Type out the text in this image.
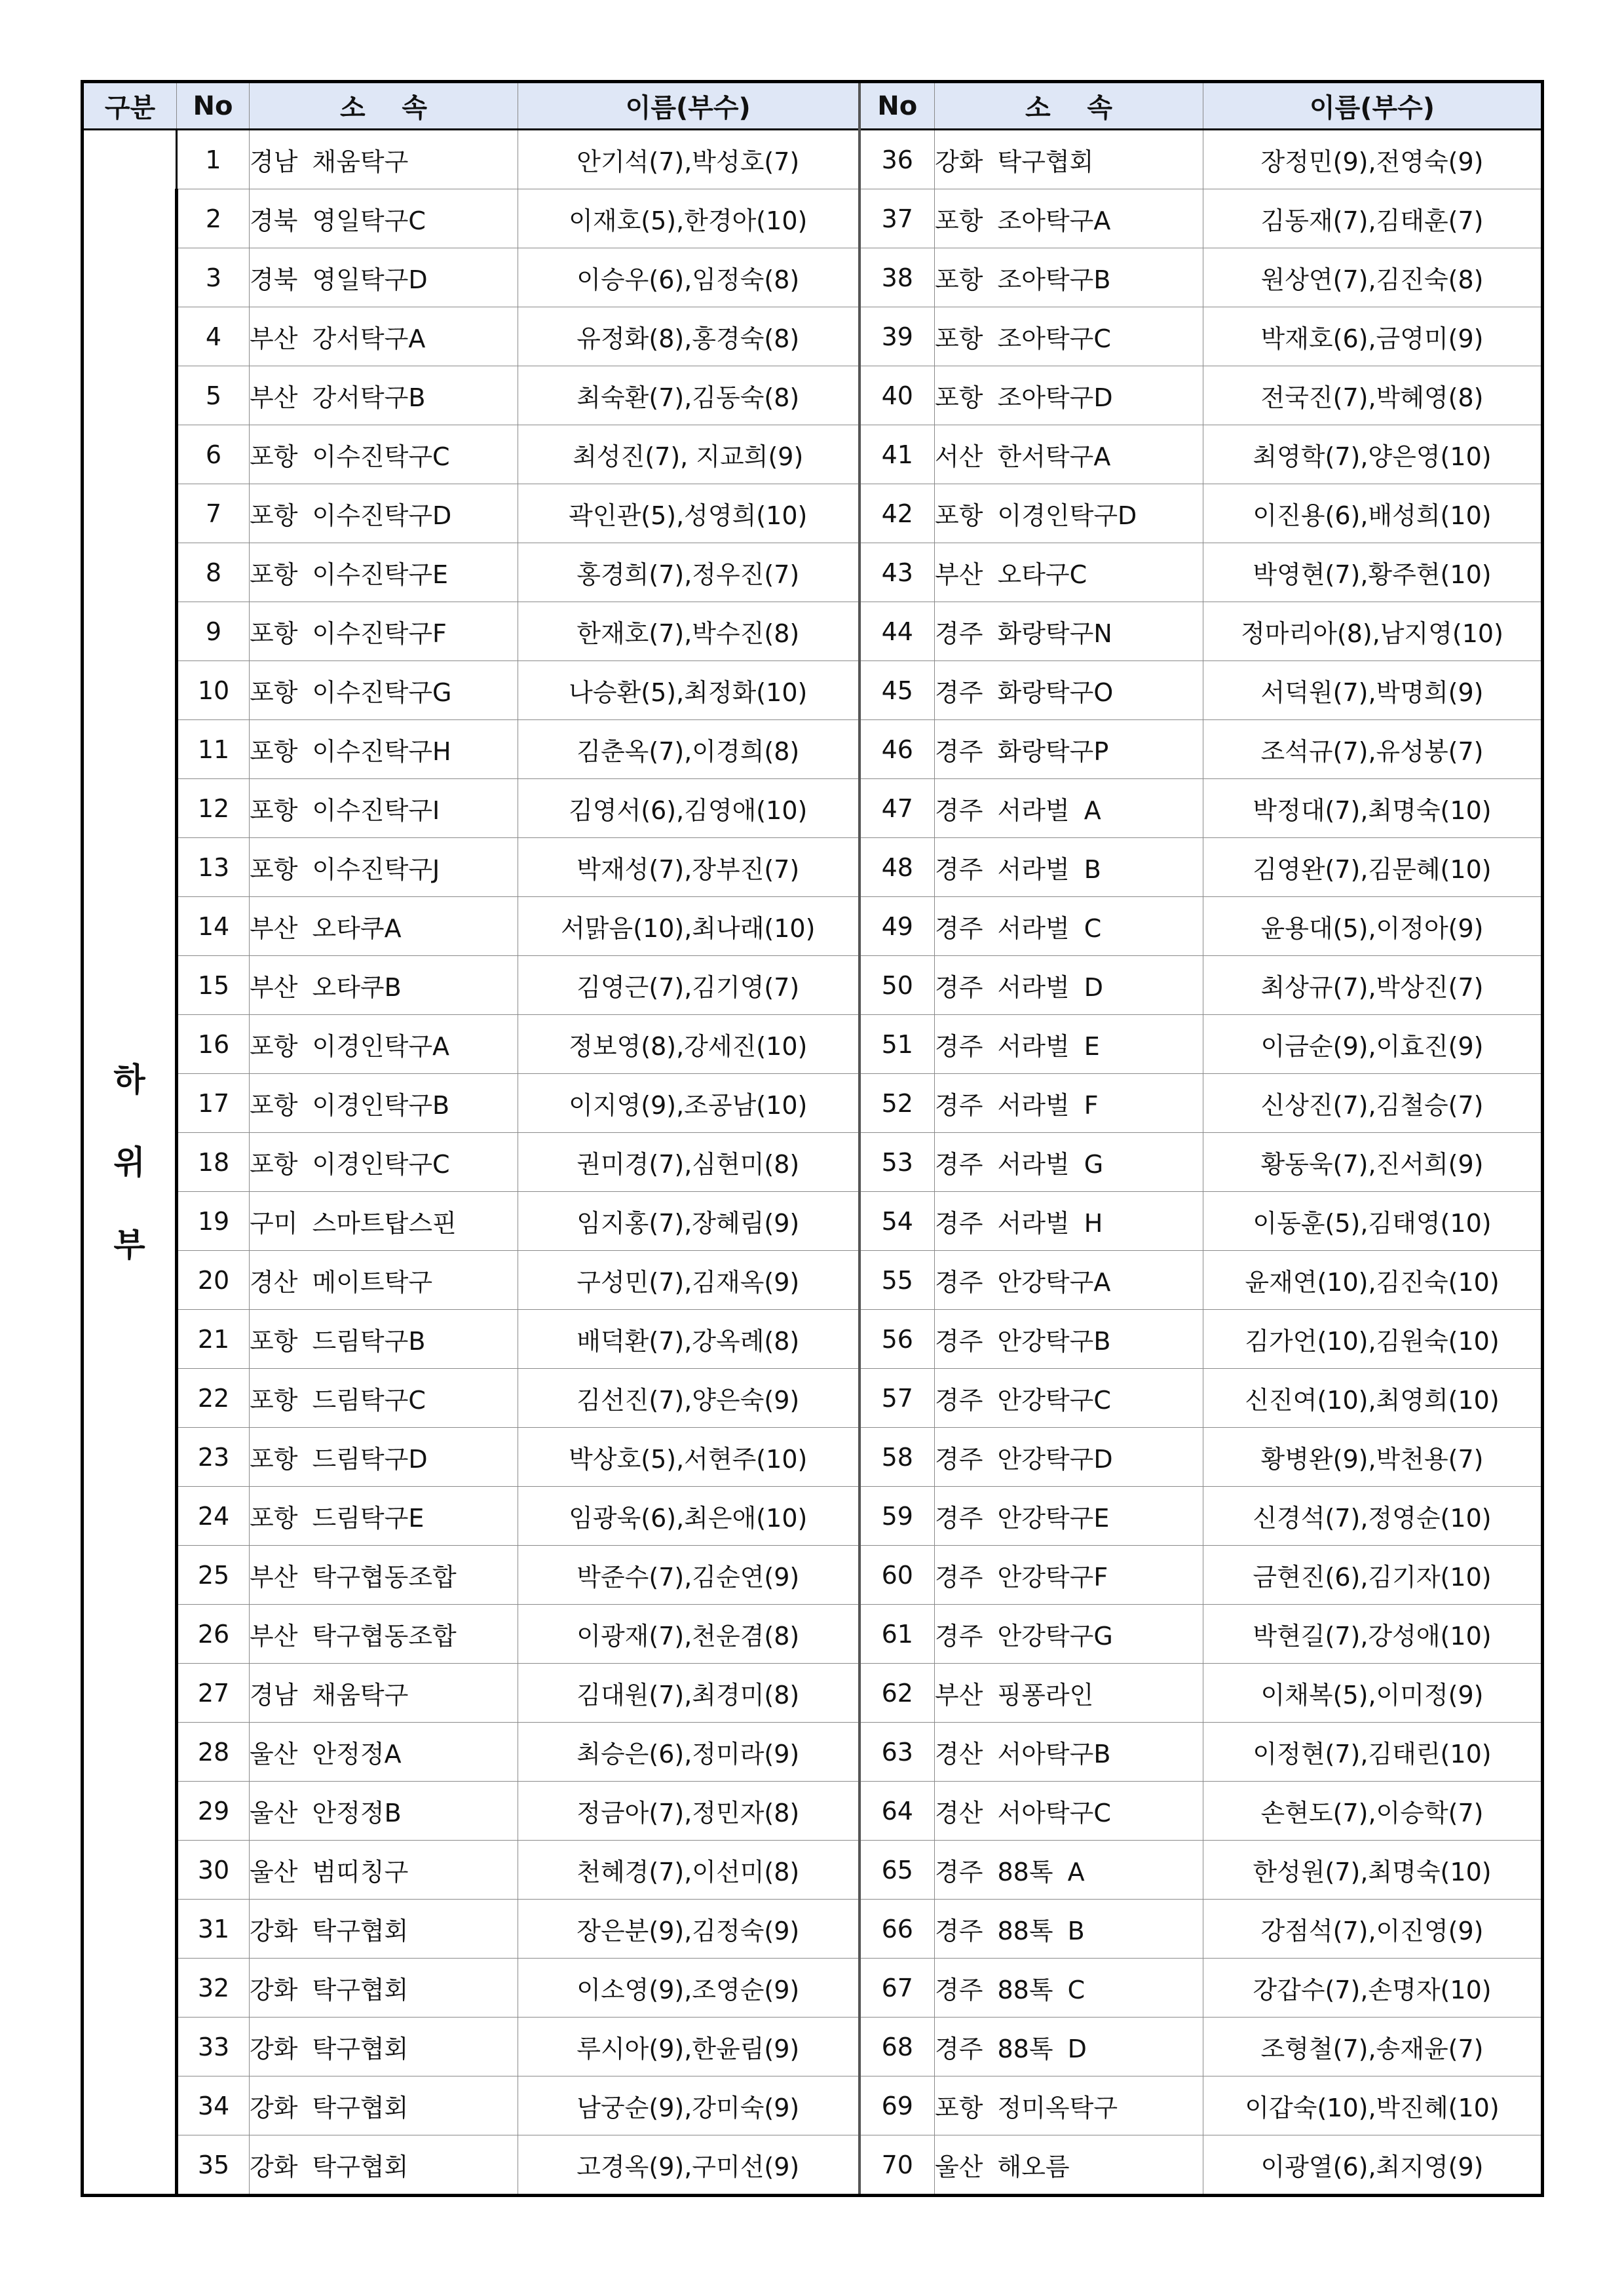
구분	No	소    속	이름(부수)	No	소    속	이름(부수)

하
위
부	1	경남 채움탁구	안기석(7),박성호(7)	36	강화 탁구협회	장정민(9),전영숙(9)
	2	경북 영일탁구C	이재호(5),한경아(10)	37	포항 조아탁구A	김동재(7),김태훈(7)
	3	경북 영일탁구D	이승우(6),임정숙(8)	38	포항 조아탁구B	원상연(7),김진숙(8)
	4	부산 강서탁구A	유정화(8),홍경숙(8)	39	포항 조아탁구C	박재호(6),금영미(9)
	5	부산 강서탁구B	최숙환(7),김동숙(8)	40	포항 조아탁구D	전국진(7),박혜영(8)
	6	포항 이수진탁구C	최성진(7), 지교희(9)	41	서산 한서탁구A	최영학(7),양은영(10)
	7	포항 이수진탁구D	곽인관(5),성영희(10)	42	포항 이경인탁구D	이진용(6),배성희(10)
	8	포항 이수진탁구E	홍경희(7),정우진(7)	43	부산 오타구C	박영현(7),황주현(10)
	9	포항 이수진탁구F	한재호(7),박수진(8)	44	경주 화랑탁구N	정마리아(8),남지영(10)
	10	포항 이수진탁구G	나승환(5),최정화(10)	45	경주 화랑탁구O	서덕원(7),박명희(9)
	11	포항 이수진탁구H	김춘옥(7),이경희(8)	46	경주 화랑탁구P	조석규(7),유성봉(7)
	12	포항 이수진탁구I	김영서(6),김영애(10)	47	경주 서라벌 A	박정대(7),최명숙(10)
	13	포항 이수진탁구J	박재성(7),장부진(7)	48	경주 서라벌 B	김영완(7),김문혜(10)
	14	부산 오타쿠A	서맑음(10),최나래(10)	49	경주 서라벌 C	윤용대(5),이정아(9)
	15	부산 오타쿠B	김영근(7),김기영(7)	50	경주 서라벌 D	최상규(7),박상진(7)
	16	포항 이경인탁구A	정보영(8),강세진(10)	51	경주 서라벌 E	이금순(9),이효진(9)
	17	포항 이경인탁구B	이지영(9),조공남(10)	52	경주 서라벌 F	신상진(7),김철승(7)
	18	포항 이경인탁구C	권미경(7),심현미(8)	53	경주 서라벌 G	황동욱(7),진서희(9)
	19	구미 스마트탑스핀	임지홍(7),장혜림(9)	54	경주 서라벌 H	이동훈(5),김태영(10)
	20	경산 메이트탁구	구성민(7),김재옥(9)	55	경주 안강탁구A	윤재연(10),김진숙(10)
	21	포항 드림탁구B	배덕환(7),강옥례(8)	56	경주 안강탁구B	김가언(10),김원숙(10)
	22	포항 드림탁구C	김선진(7),양은숙(9)	57	경주 안강탁구C	신진여(10),최영희(10)
	23	포항 드림탁구D	박상호(5),서현주(10)	58	경주 안강탁구D	황병완(9),박천용(7)
	24	포항 드림탁구E	임광욱(6),최은애(10)	59	경주 안강탁구E	신경석(7),정영순(10)
	25	부산 탁구협동조합	박준수(7),김순연(9)	60	경주 안강탁구F	금현진(6),김기자(10)
	26	부산 탁구협동조합	이광재(7),천운겸(8)	61	경주 안강탁구G	박현길(7),강성애(10)
	27	경남 채움탁구	김대원(7),최경미(8)	62	부산 핑퐁라인	이채복(5),이미정(9)
	28	울산 안정정A	최승은(6),정미라(9)	63	경산 서아탁구B	이정현(7),김태린(10)
	29	울산 안정정B	정금아(7),정민자(8)	64	경산 서아탁구C	손현도(7),이승학(7)
	30	울산 범띠칭구	천혜경(7),이선미(8)	65	경주 88톡 A	한성원(7),최명숙(10)
	31	강화 탁구협회	장은분(9),김정숙(9)	66	경주 88톡 B	강점석(7),이진영(9)
	32	강화 탁구협회	이소영(9),조영순(9)	67	경주 88톡 C	강갑수(7),손명자(10)
	33	강화 탁구협회	루시아(9),한윤림(9)	68	경주 88톡 D	조형철(7),송재윤(7)
	34	강화 탁구협회	남궁순(9),강미숙(9)	69	포항 정미옥탁구	이갑숙(10),박진혜(10)
	35	강화 탁구협회	고경옥(9),구미선(9)	70	울산 해오름	이광열(6),최지영(9)
